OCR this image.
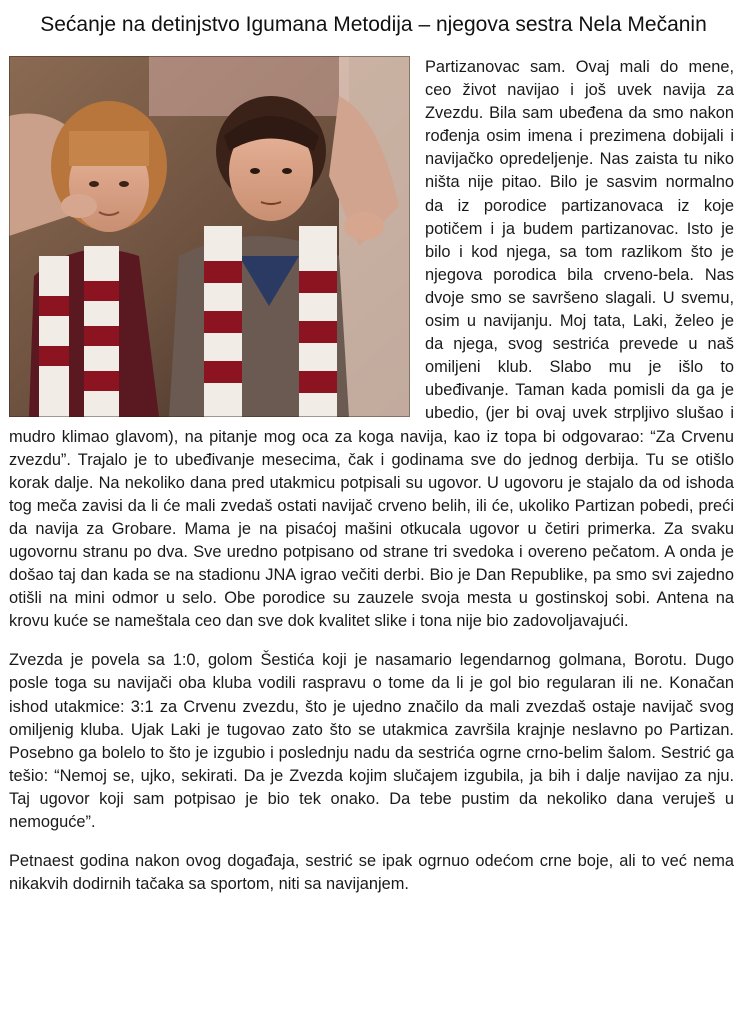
Sećanje na detinjstvo Igumana Metodija – njegova sestra Nela Mečanin

Partizanovac sam. Ovaj mali do mene, ceo život navijao i još uvek navija za Zvezdu. Bila sam ubeđena da smo nakon rođenja osim imena i prezimena dobijali i navijačko opredeljenje. Nas zaista tu niko ništa nije pitao. Bilo je sasvim normalno da iz porodice partizanovaca iz koje potičem i ja budem partizanovac. Isto je bilo i kod njega, sa tom razlikom što je njegova porodica bila crveno-bela. Nas dvoje smo se savršeno slagali. U svemu, osim u navijanju. Moj tata, Laki, želeo je da njega, svog sestrića prevede u naš omiljeni klub. Slabo mu je išlo to ubeđivanje. Taman kada pomisli da ga je ubedio, (jer bi ovaj uvek strpljivo slušao i mudro klimao glavom), na pitanje mog oca za koga navija, kao iz topa bi odgovarao: “Za Crvenu zvezdu”. Trajalo je to ubeđivanje mesecima, čak i godinama sve do jednog derbija. Tu se otišlo korak dalje. Na nekoliko dana pred utakmicu potpisali su ugovor. U ugovoru je stajalo da od ishoda tog meča zavisi da li će mali zvedaš ostati navijač crveno belih, ili će, ukoliko Partizan pobedi, preći da navija za Grobare. Mama je na pisaćoj mašini otkucala ugovor u četiri primerka. Za svaku ugovornu stranu po dva. Sve uredno potpisano od strane tri svedoka i overeno pečatom. A onda je došao taj dan kada se na stadionu JNA igrao večiti derbi. Bio je Dan Republike, pa smo svi zajedno otišli na mini odmor u selo. Obe porodice su zauzele svoja mesta u gostinskoj sobi. Antena na krovu kuće se nameštala ceo dan sve dok kvalitet slike i tona nije bio zadovoljavajući.

Zvezda je povela sa 1:0, golom Šestića koji je nasamario legendarnog golmana, Borotu. Dugo posle toga su navijači oba kluba vodili raspravu o tome da li je gol bio regularan ili ne. Konačan ishod utakmice: 3:1 za Crvenu zvezdu, što je ujedno značilo da mali zvezdaš ostaje navijač svog omiljenig kluba. Ujak Laki je tugovao zato što se utakmica završila krajnje neslavno po Partizan. Posebno ga bolelo to što je izgubio i poslednju nadu da sestrića ogrne crno-belim šalom. Sestrić ga tešio: “Nemoj se, ujko, sekirati. Da je Zvezda kojim slučajem izgubila, ja bih i dalje navijao za nju. Taj ugovor koji sam potpisao je bio tek onako. Da tebe pustim da nekoliko dana veruješ u nemoguće”.

Petnaest godina nakon ovog događaja, sestrić se ipak ogrnuo odećom crne boje, ali to već nema nikakvih dodirnih tačaka sa sportom, niti sa navijanjem.
